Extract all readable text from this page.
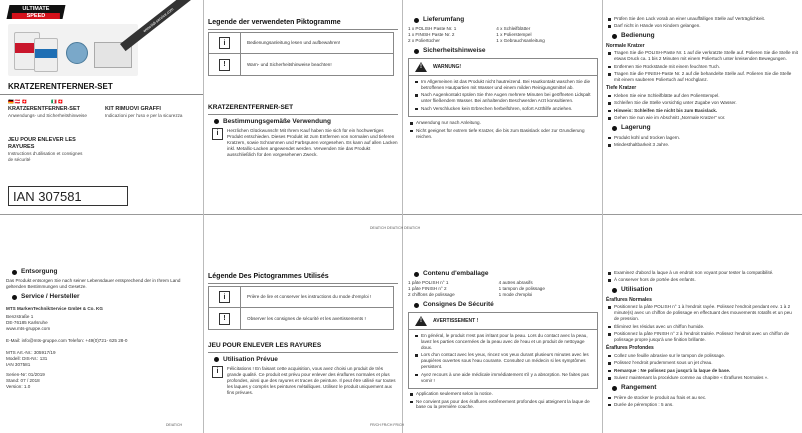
ULTIMATE
SPEED	www.lidl-service.com
KRATZERENTFERNER-SET
🇩🇪 🇦🇹 🇨🇭                   🇮🇹 🇨🇭
KRATZERENTFERNER-SET
Anwendungs- und Sicherheitshinweise
KIT RIMUOVI GRAFFI
Indicazioni per l'uso e per la sicurezza
JEU POUR ENLEVER LES RAYURES
Instructions d'utilisation et consignes de sécurité
IAN 307581
Legende der verwendeten Piktogramme
i	Bedienungsanleitung lesen und aufbewahren!
!	Warn- und Sicherheitshinweise beachten!
KRATZERENTFERNER-SET
Bestimmungsgemäße Verwendung
i	Herzlichen Glückwunsch! Mit Ihrem Kauf haben Sie sich für ein hochwertiges Produkt entschieden. Dieses Produkt ist zum Entfernen von normalen und tieferen Kratzern, sowie Schrammen und Farbspuren vorgesehen. Es kann auf allen Lacken inkl. Metallic-Lacken angewendet werden. Verwenden Sie das Produkt ausschließlich für den vorgesehenen Zweck.
Lieferumfang
1 x POLISH Paste Nr. 1
1 x FINISH Paste Nr. 2
2 x Poliertücher
4 x Schleifblätter
1 x Polierstempel
1 x Gebrauchsanleitung
Sicherheitshinweise
! WARNUNG!
Im Allgemeinen ist das Produkt nicht hautreizend. Bei Hautkontakt waschen Sie die betroffenen Hautpartien mit Wasser und einem milden Reinigungsmittel ab.
Nach Augenkontakt spülen Sie Ihre Augen mehrere Minuten bei geöffneten Lidspalt unter fließendem Wasser. Bei anhaltenden Beschwerden Arzt konsultieren.
Nach Verschlucken kein Erbrechen herbeiführen, sofort Arzthilfe anziehen.
Anwendung nur nach Anleitung.
Nicht geeignet für extrem tiefe Kratzer, die bis zum Basislack oder zur Grundierung reichen.
DE/AT/CH DE/AT/CH DE/AT/CH
Prüfen Sie den Lack vorab an einer unauffälligen Stelle auf Verträglichkeit.
Darf nicht in Hände von Kindern gelangen.
Bedienung
Normale Kratzer
Tragen Sie die POLISH-Paste Nr. 1 auf die verkratzte Stelle auf. Polieren Sie die Stelle mit etwas Druck ca. 1 bis 2 Minuten mit einem Poliertuch unter kreisenden Bewegungen.
Entfernen Sie Rückstände mit einem feuchten Tuch.
Tragen Sie die FINISH-Paste Nr. 2 auf die behandelte Stelle auf. Polieren Sie die Stelle mit einem sauberen Poliertuch auf Hochglanz.
Tiefe Kratzer
Kleben Sie eine Schleifblätte auf den Polierstempel.
Schleifen Sie die Stelle vorsichtig unter Zugabe von Wasser.
Hinweis: Schleifen Sie nicht bis zum Basislack.
Gehen Sie nun wie im Abschnitt „Normale Kratzer" vor.
Lagerung
Produkt kühl und trocken lagern.
Mindesthaltbarkeit 3 Jahre.
Entsorgung
Das Produkt entsorgen Sie nach seiner Lebensdauer entsprechend der in Ihrem Land geltenden Bestimmungen und Gesetze.
Service / Hersteller
MTS MarkenTechnikService GmbH & Co. KG
Benzstraße 1
DE-76185 Karlsruhe
www.mts-gruppe.com
E-Mail: info@mts-gruppe.com Telefon: +49(0)721- 625 28-0
MTS Art.-Nr.: 305917/19
Modell: DIS-Nr.: 131
IAN 307581
Serien-Nr: 01/2019
Stand: 07 / 2018
Version: 1.0
DE/AT/CH
Légende Des Pictogrammes Utilisés
i	Prière de lire et conserver les instructions du mode d'emploi !
!	Observer les consignes de sécurité et les avertissements !
JEU POUR ENLEVER LES RAYURES
Utilisation Prévue
i	Félicitations ! En faisant cette acquisition, vous avez choisi un produit de très grande qualité. Ce produit est prévu pour enlever des éraflures normales et plus profondes, ainsi que des rayures et traces de peinture. Il peut être utilisé sur toutes les laques y compris les peintures métalliques. Utilisez le produit uniquement aux fins prévues.
Contenu d'emballage
1 pâte POLISH n° 1
1 pâte FINISH n° 2
2 chiffons de polissage
4 autres abrasifs
1 tampon de polissage
1 mode d'emploi
Consignes De Sécurité
! AVERTISSEMENT !
En général, le produit n'est pas irritant pour la peau. Lors du contact avec la peau, lavez les parties concernées de la peau avec de l'eau et un produit de nettoyage doux.
Lors d'un contact avec les yeux, rincez vos yeux durant plusieurs minutes avec les paupières ouvertes sous l'eau courante. Consultez un médecin si les symptômes persistent.
Ayez recours à une aide médicale immédiatement s'il y a absorption. Ne faites pas vomir !
Application seulement selon la notice.
Ne convient pas pour des éraflures extrêmement profondes qui atteignent la laque de base ou la première couche.
FR/CH FR/CH FR/CH
Examinez d'abord la laque à un endroit non voyant pour tester la compatibilité.
À conserver hors de portée des enfants.
Utilisation
Éraflures Normales
Positionnez la pâte POLISH n° 1 à l'endroit rayée. Polissez l'endroit pendant env. 1 à 2 minute(s) avec un chiffon de polissage en effectuant des mouvements rotatifs et un peu de pression.
Éliminez les résidus avec un chiffon humide.
Positionnez la pâte FINISH n° 2 à l'endroit traitée. Polissez l'endroit avec un chiffon de polissage propre jusqu'à une finition brillante.
Éraflures Profondes
Collez une feuille abrasive sur le tampon de polissage.
Polissez l'endroit prudemment sous un jet d'eau.
Remarque : Ne polissez pas jusqu'à la laque de base.
Suivez maintenant la procédure comme au chapitre « Éraflures Normales ».
Rangement
Prière de stocker le produit au frais et au sec.
Durée de péremption : 5 ans.
